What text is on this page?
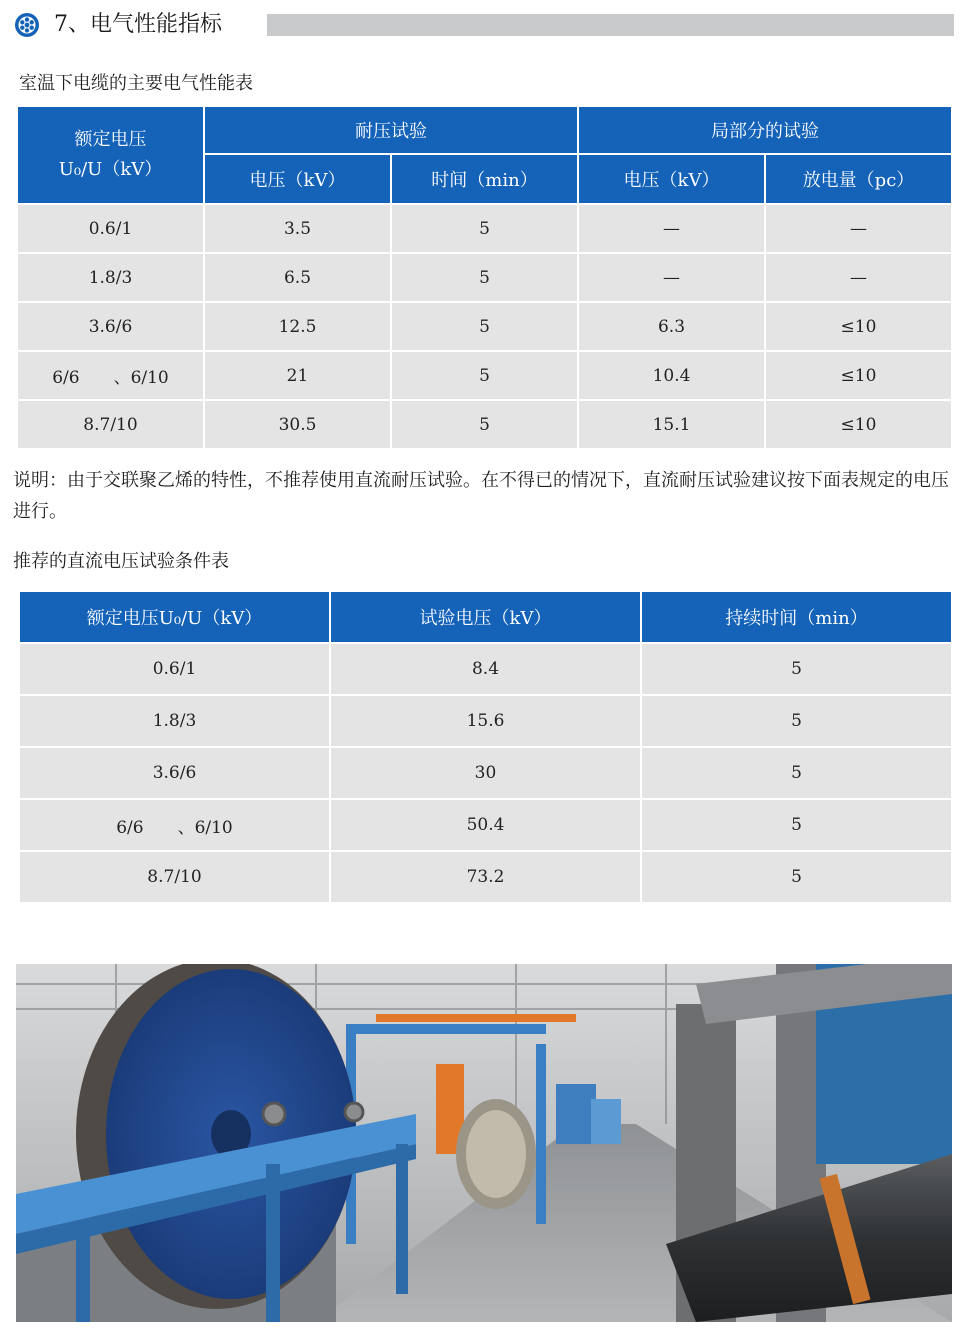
7、电气性能指标
室温下电缆的主要电气性能表
额定电压
U₀/U（kV）	耐压试验		局部分的试验	
	电压（kV）	时间（min）	电压（kV）	放电量（pc）
0.6/1	3.5	5	—	—
1.8/3	6.5	5	—	—
3.6/6	12.5	5	6.3	≤10
6/6　　、6/10	21	5	10.4	≤10
8.7/10	30.5	5	15.1	≤10
说明：由于交联聚乙烯的特性，不推荐使用直流耐压试验。在不得已的情况下，直流耐压试验建议按下面表规定的电压进行。
推荐的直流电压试验条件表
额定电压U₀/U（kV）	试验电压（kV）	持续时间（min）
0.6/1	8.4	5
1.8/3	15.6	5
3.6/6	30	5
6/6　　、6/10	50.4	5
8.7/10	73.2	5
